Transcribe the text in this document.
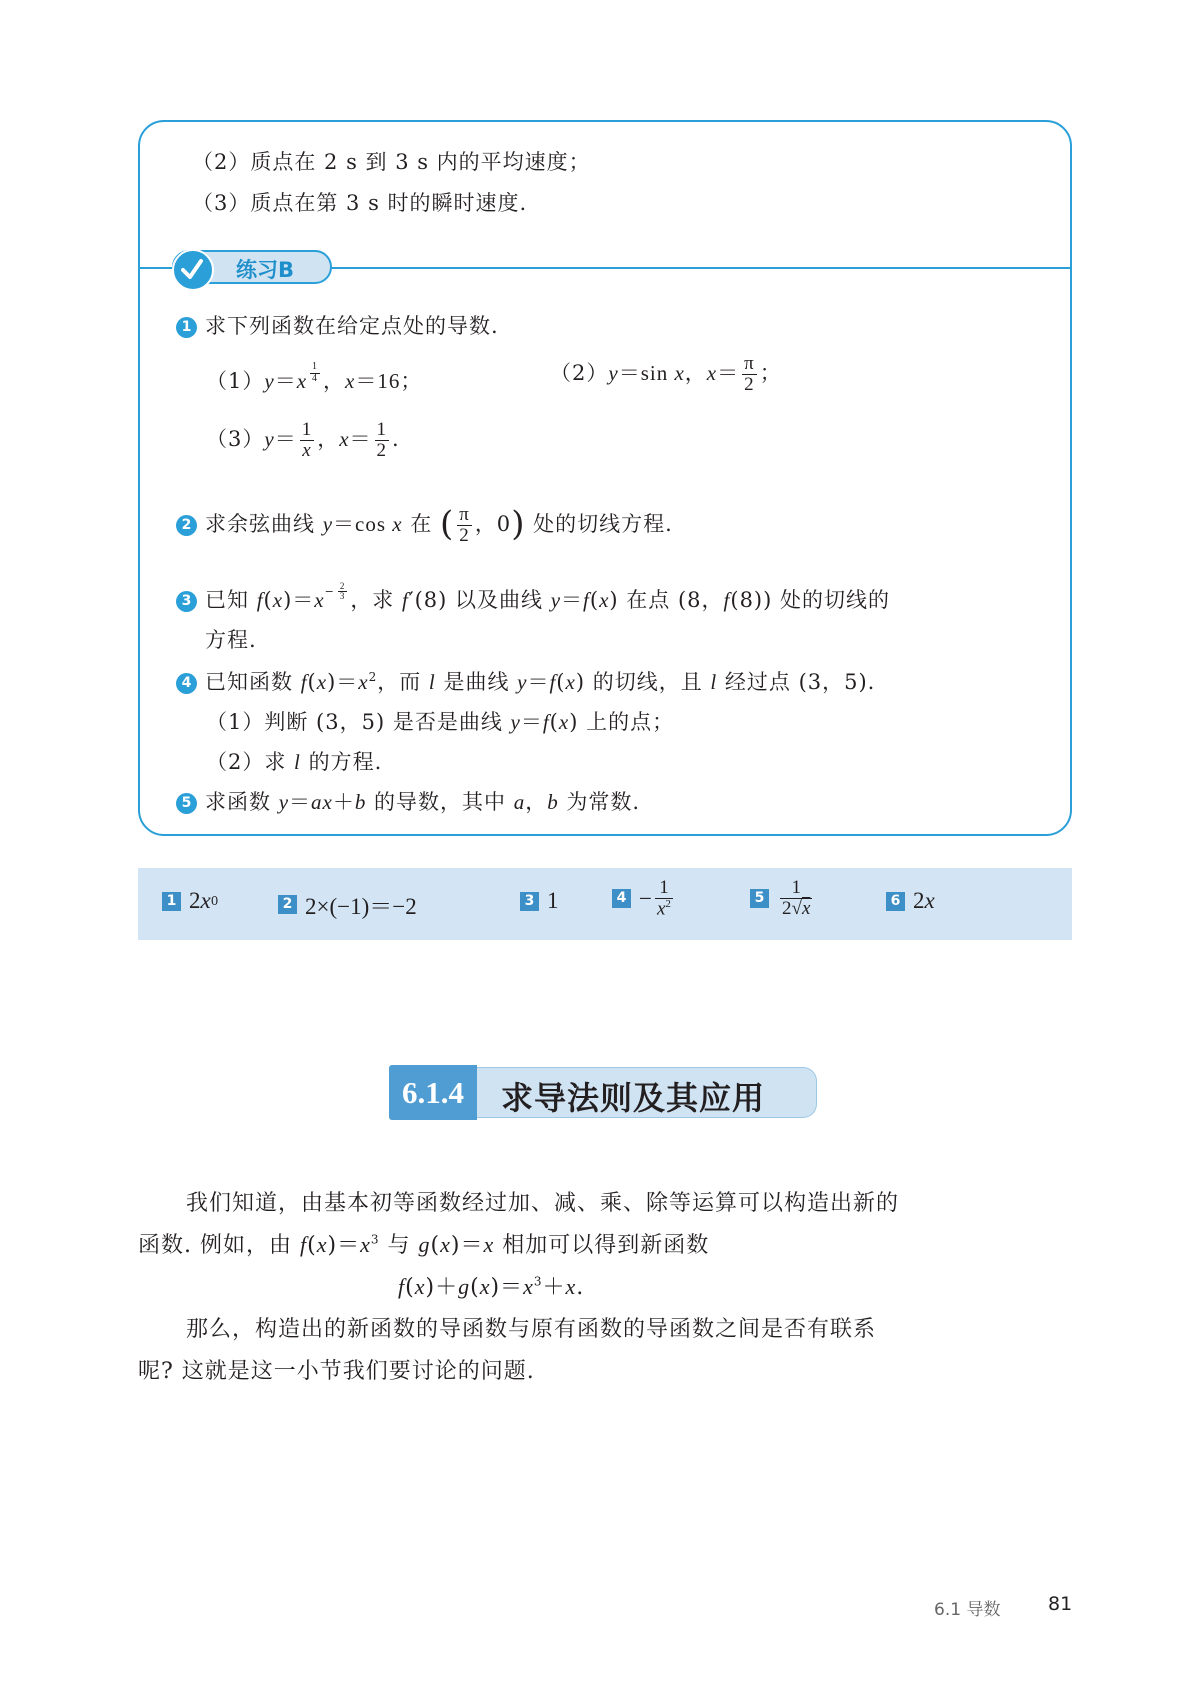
（2）质点在 2 s 到 3 s 内的平均速度；
（3）质点在第 3 s 时的瞬时速度.
练习B
1 求下列函数在给定点处的导数.
（1）y＝x $^{\frac{1}{4}}$ ，x＝16；	（2）y＝sin x，$x= \frac{\pi}{2}$ ；
$(3)y= \frac{1}{x}$ ，$x= \frac{1}{2}$ .
2 求余弦曲线 y＝cos x 在 ( $\frac{\pi}{2}$ ，0) 处的切线方程.
3 已知 $f(x)=x^{- \frac{2}{3}}$ ，求 f′(8) 以及曲线 y＝f(x) 在点 (8，f(8)) 处的切线的
方程.
4 已知函数 $f(x)=x^2$，而 l 是曲线 y＝f(x) 的切线，且 l 经过点 (3，5).
（1）判断 (3，5) 是否是曲线 y＝f(x) 上的点；
（2）求 l 的方程.
5 求函数 y＝ax＋b 的导数，其中 a，b 为常数.
1 2 x 0	2 2×(−1)＝−2	3 1	$4 - \frac{1}{x^2}$	$5 \frac{1}{2√x}$	6 2 x
6.1.4	求导法则及其应用
我们知道，由基本初等函数经过加、减、乘、除等运算可以构造出新的
函数. 例如，由 $f(x)=x^3$ 与 g(x)＝x 相加可以得到新函数
$f(x)+g(x)=x^3+x$.
那么，构造出的新函数的导函数与原有函数的导函数之间是否有联系
呢? 这就是这一小节我们要讨论的问题.
6.1 导数	81
